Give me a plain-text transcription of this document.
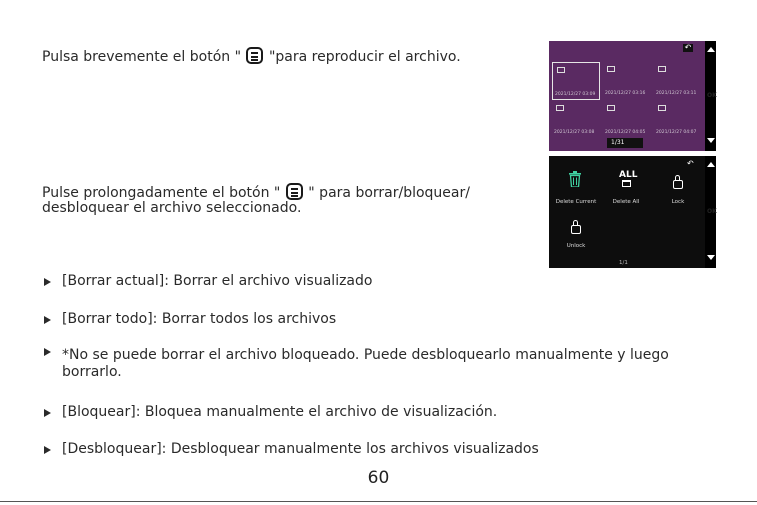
Pulsa brevemente el botón " "para reproducir el archivo.
Pulse prolongadamente el botón " " para borrar/bloquear/
desbloquear el archivo seleccionado.
2021/12/27 03:09 2021/12/27 03:16 2021/12/27 03:11
2021/12/27 03:08 2021/12/27 04:05 2021/12/27 04:07
1/31
↶
OK
Delete Current
ALL
Delete All	Lock
Unlock
1/1
↶
OK
[Borrar actual]: Borrar el archivo visualizado
[Borrar todo]: Borrar todos los archivos
*No se puede borrar el archivo bloqueado. Puede desbloquearlo manualmente y luego borrarlo.
[Bloquear]: Bloquea manualmente el archivo de visualización.
[Desbloquear]: Desbloquear manualmente los archivos visualizados
60
